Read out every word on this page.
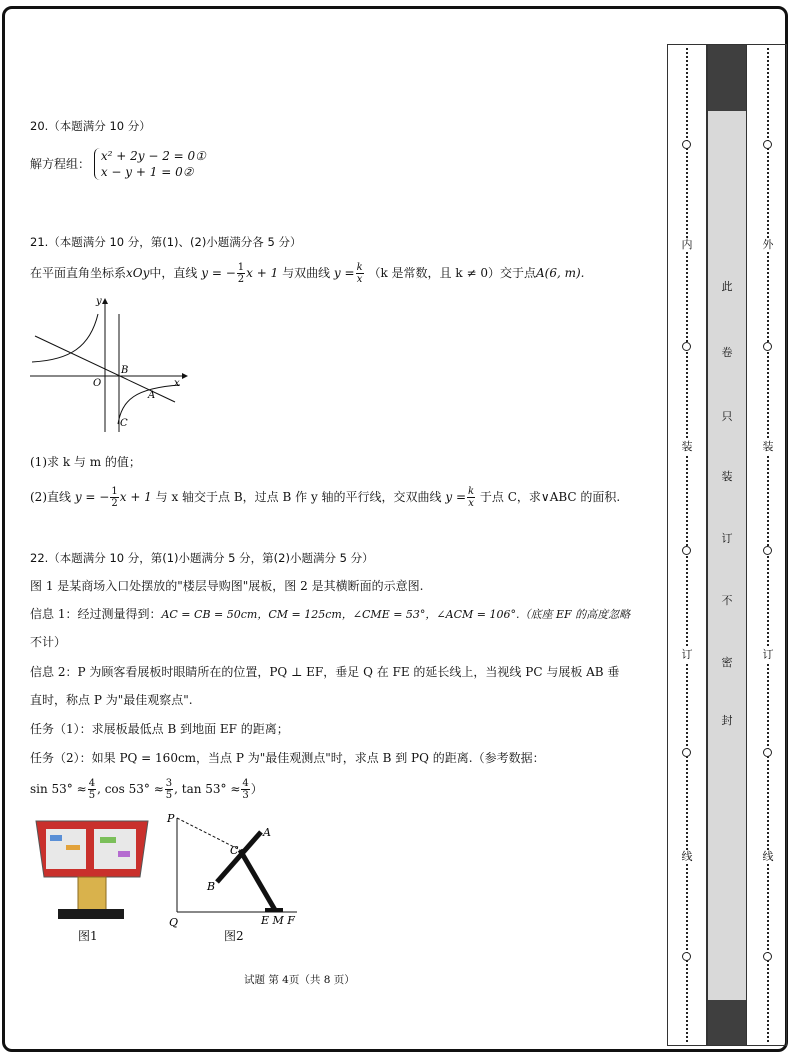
20.（本题满分 10 分）
解方程组：
x² + 2y − 2 = 0①
x − y + 1 = 0②
21.（本题满分 10 分，第(1)、(2)小题满分各 5 分）
在平面直角坐标系xOy中，直线 y = − $\frac{1}{2}$ x + 1 与双曲线 $y = \frac{k}{x} (k$ 是常数，且 k ≠ 0）交于点A(6, m).
y
x
O
B
A
C
(1)求 k 与 m 的值；
(2)直线 y = − $\frac{1}{2}$ x + 1 与 x 轴交于点 B，过点 B 作 y 轴的平行线，交双曲线 $y = \frac{k}{x}$ 于点 C，求∨ABC 的面积.
22.（本题满分 10 分，第(1)小题满分 5 分，第(2)小题满分 5 分）
图 1 是某商场入口处摆放的"楼层导购图"展板，图 2 是其横断面的示意图.
信息 1：经过测量得到：AC = CB = 50cm，CM = 125cm，∠CME = 53°，∠ACM = 106°.（底座 EF 的高度忽略
不计）
信息 2：P 为顾客看展板时眼睛所在的位置，PQ ⊥ EF，垂足 Q 在 FE 的延长线上，当视线 PC 与展板 AB 垂
直时，称点 P 为"最佳观察点".
任务（1）：求展板最低点 B 到地面 EF 的距离；
任务（2）：如果 PQ = 160cm，当点 P 为"最佳观测点"时，求点 B 到 PQ 的距离.（参考数据：
$\sin 53^\circ \approx \frac{4}{5}$ , $\cos 53^\circ \approx \frac{3}{5}$ , $\tan 53^\circ \approx \frac{4}{3}$ ）
图1
P
A
C
B
Q	E M F
图2
试题 第 4页（共 8 页）
内
装
订
线
外
装
订
线
此
卷
只
装
订
不
密
封
